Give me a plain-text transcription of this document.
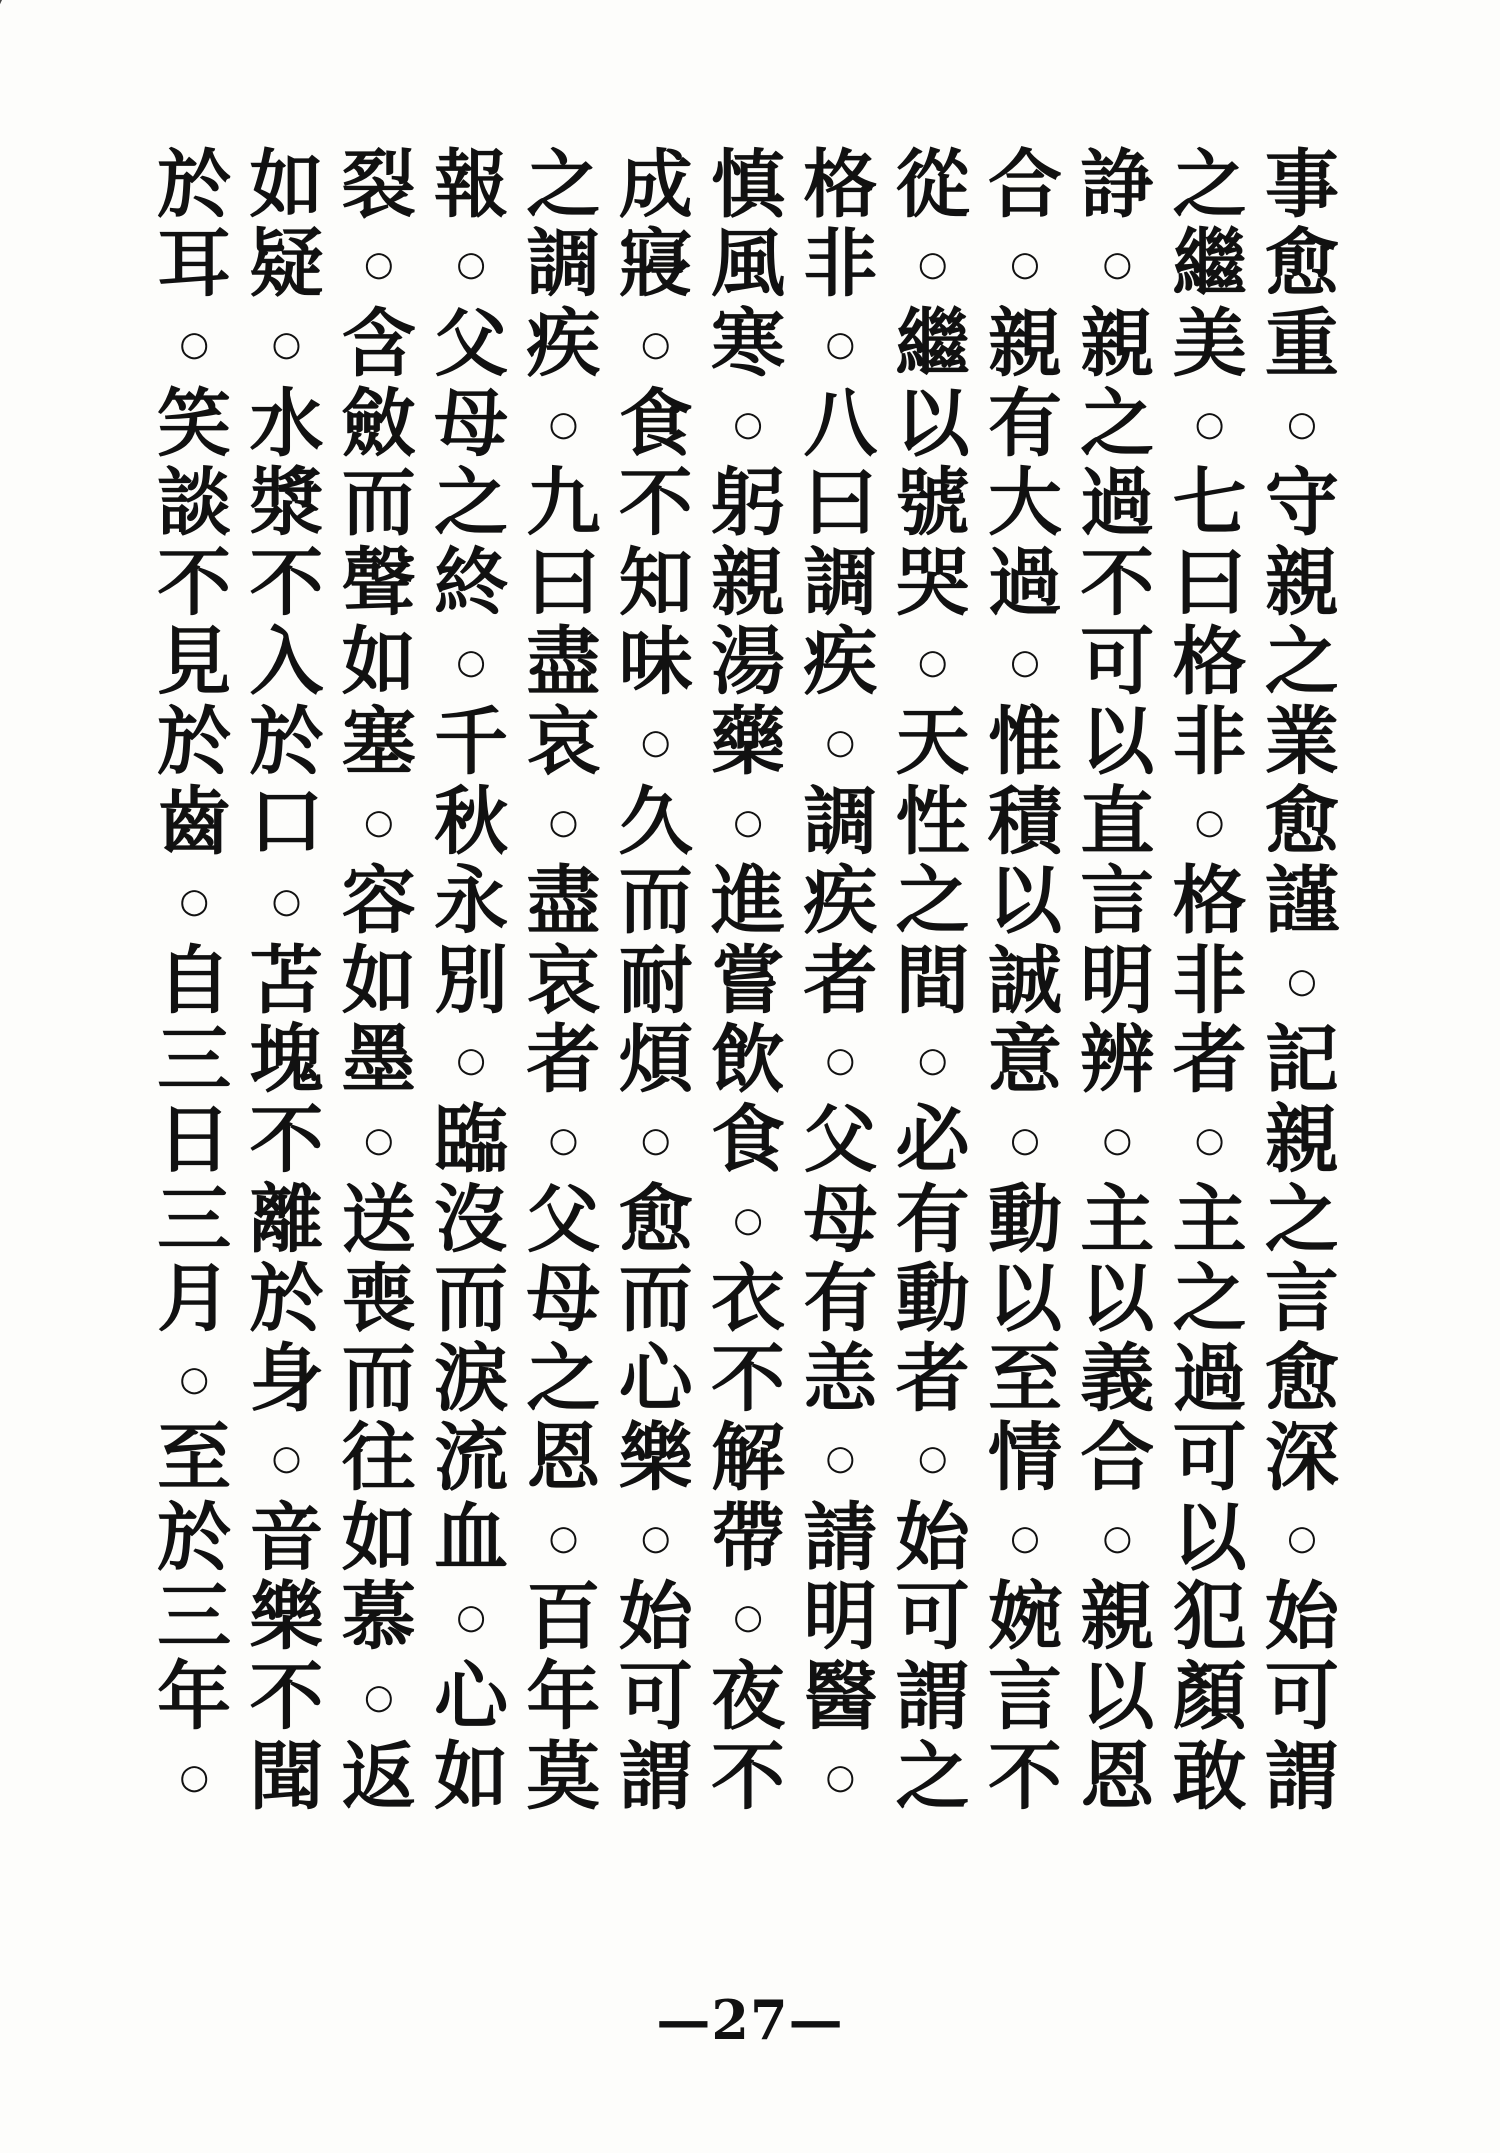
於 如 裂 報 之 成 慎 格 從 合 諍 之 事
耳 疑	○	○ 調 寢 風 非	○	○	○ 繼 愈
○	○ 含 父 疾	○ 寒	○ 繼 親 親 美 重
笑 水 斂 母	○ 食	○ 八 以 有 之	○	○
談 漿 而 之 九 不 躬 曰 號 大 過 七 守
不 不 聲 終 曰 知 親 調 哭 過 不 曰 親
見 入 如	○ 盡 味 湯 疾	○	○ 可 格 之
於 於 塞 千 哀	○ 藥	○ 天 惟 以 非 業
齒 口	○ 秋	○ 久	○ 調 性 積 直	○ 愈
○	○ 容 永 盡 而 進 疾 之 以 言 格 謹
自 苫 如 別 哀 耐 嘗 者 間 誠 明 非	○
三 塊 墨	○ 者 煩 飲	○	○ 意 辨 者 記
日 不	○ 臨	○	○ 食 父 必	○	○	○ 親
三 離 送 沒 父 愈	○ 母 有 動 主 主 之
月 於 喪 而 母 而 衣 有 動 以 以 之 言
○ 身 而 淚 之 心 不 恙 者 至 義 過 愈
至	○ 往 流 恩 樂 解	○	○ 情 合 可 深
於 音 如 血	○	○ 帶 請 始	○	○ 以	○
三 樂 慕	○ 百 始	○ 明 可 婉 親 犯 始
年 不	○ 心 年 可 夜 醫 謂 言 以 顏 可
○ 聞 返 如 莫 謂 不	○ 之 不 恩 敢 謂
—27—
